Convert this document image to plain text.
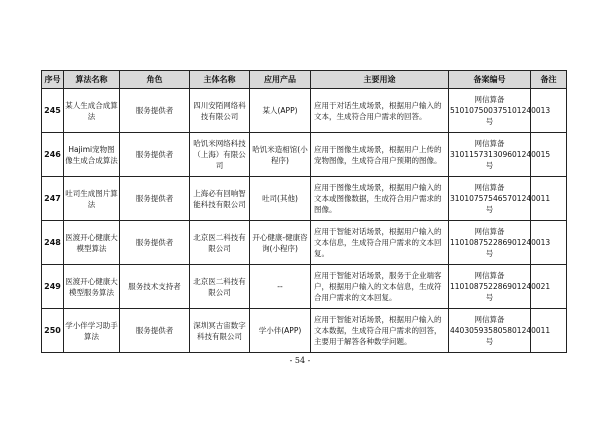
序号	算法名称	角色	主体名称	应用产品	主要用途	备案编号	备注
245	某人生成合成算法	服务提供者	四川安陌网络科技有限公司	某人(APP)	应用于对话生成场景，根据用户输入的文本，生成符合用户需求的回答。	网信算备510107500375101240013号	
246	Hajimi宠物图像生成合成算法	服务提供者	哈饥米网络科技（上海）有限公司	哈饥米造相馆(小程序)	应用于图像生成场景，根据用户上传的宠物图像，生成符合用户预期的图像。	网信算备310115731309601240015号	
247	吐司生成图片算法	服务提供者	上海必有回响智能科技有限公司	吐司(其他)	应用于图像生成场景，根据用户输入的文本或图像数据，生成符合用户需求的图像。	网信算备310107575465701240011号	
248	医渡开心健康大模型算法	服务提供者	北京医二科技有限公司	开心健康-健康咨询(小程序)	应用于智能对话场景，根据用户输入的文本信息，生成符合用户需求的文本回复。	网信算备110108752286901240013号	
249	医渡开心健康大模型服务算法	服务技术支持者	北京医二科技有限公司	--	应用于智能对话场景，服务于企业端客户，根据用户输入的文本信息，生成符合用户需求的文本回复。	网信算备110108752286901240021号	
250	学小伴学习助手算法	服务提供者	深圳冥古宙数字科技有限公司	学小伴(APP)	应用于智能对话场景，根据用户输入的文本数据，生成符合用户需求的回答，主要用于解答各种数学问题。	网信算备440305935805801240011号	
- 54 -
